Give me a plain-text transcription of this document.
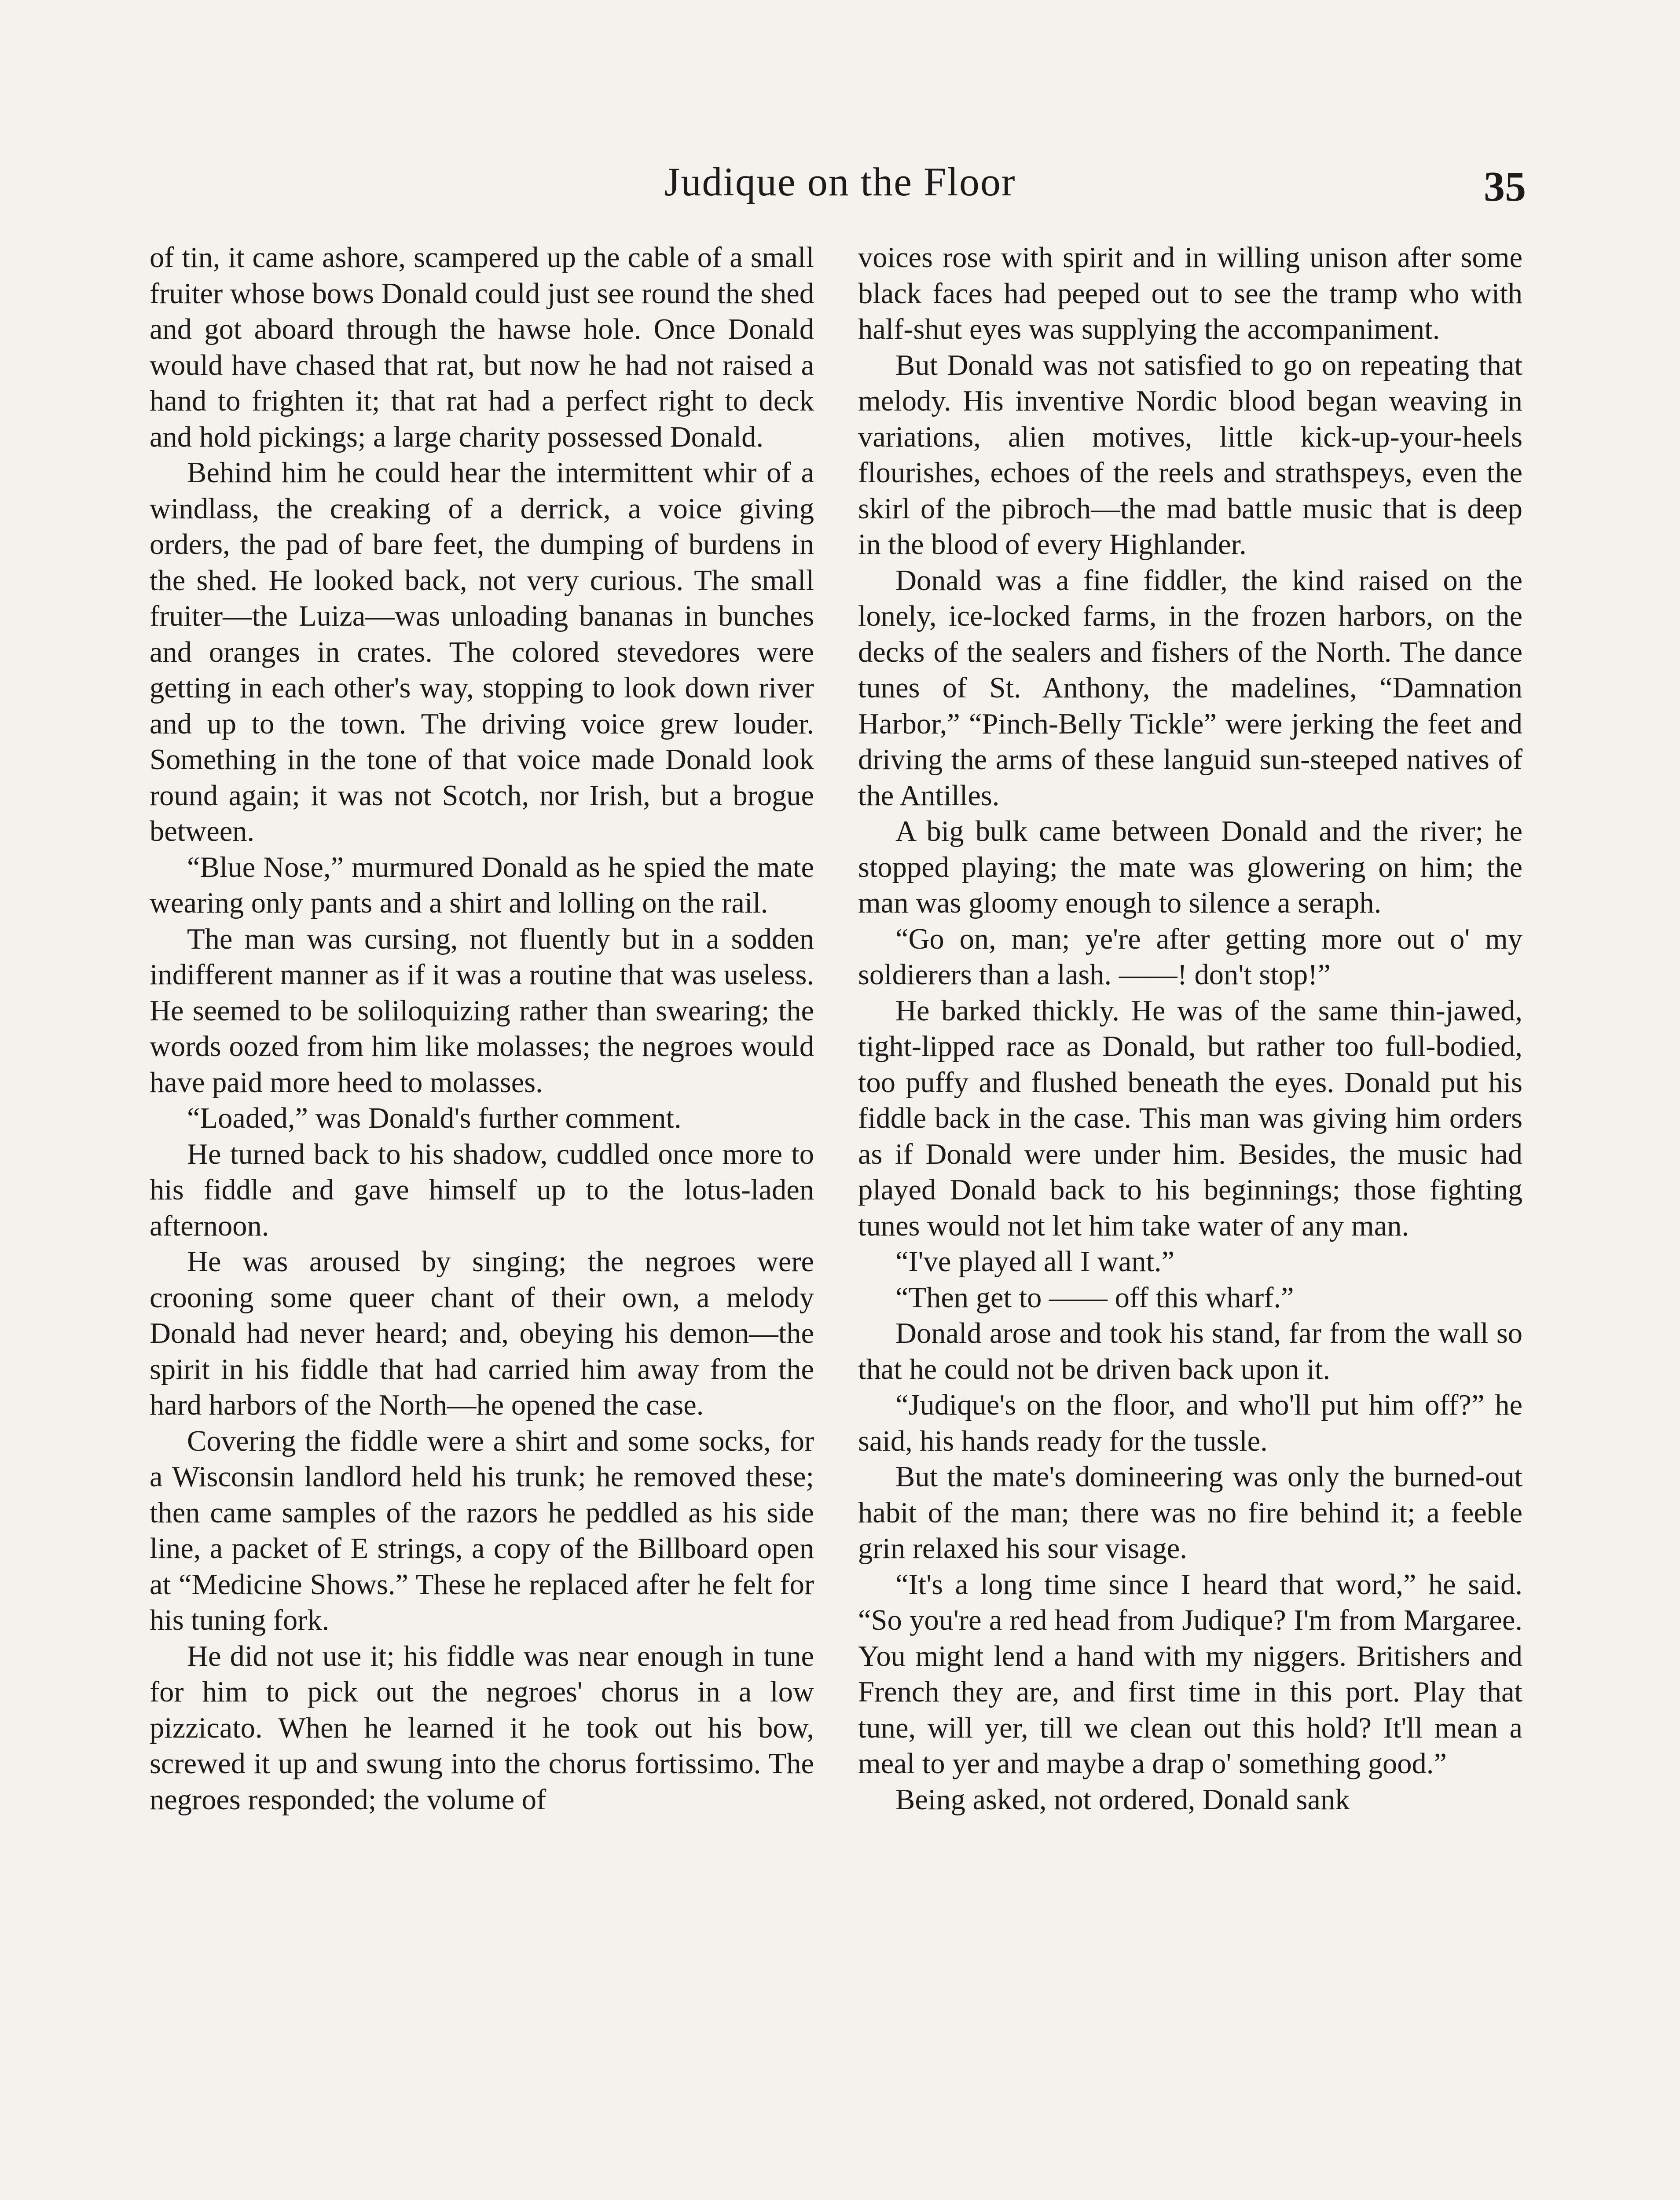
Judique on the Floor	35

of tin, it came ashore, scampered up the cable of a small fruiter whose bows Donald could just see round the shed and got aboard through the hawse hole. Once Donald would have chased that rat, but now he had not raised a hand to frighten it; that rat had a perfect right to deck and hold pickings; a large charity possessed Donald.

Behind him he could hear the intermittent whir of a windlass, the creaking of a derrick, a voice giving orders, the pad of bare feet, the dumping of burdens in the shed. He looked back, not very curious. The small fruiter—the Luiza—was unloading bananas in bunches and oranges in crates. The colored stevedores were getting in each other's way, stopping to look down river and up to the town. The driving voice grew louder. Something in the tone of that voice made Donald look round again; it was not Scotch, nor Irish, but a brogue between.

“Blue Nose,” murmured Donald as he spied the mate wearing only pants and a shirt and lolling on the rail.

The man was cursing, not fluently but in a sodden indifferent manner as if it was a routine that was useless. He seemed to be soliloquizing rather than swearing; the words oozed from him like molasses; the negroes would have paid more heed to molasses.

“Loaded,” was Donald's further comment.

He turned back to his shadow, cuddled once more to his fiddle and gave himself up to the lotus-laden afternoon.

He was aroused by singing; the negroes were crooning some queer chant of their own, a melody Donald had never heard; and, obeying his demon—the spirit in his fiddle that had carried him away from the hard harbors of the North—he opened the case.

Covering the fiddle were a shirt and some socks, for a Wisconsin landlord held his trunk; he removed these; then came samples of the razors he peddled as his side line, a packet of E strings, a copy of the Billboard open at “Medicine Shows.” These he replaced after he felt for his tuning fork.

He did not use it; his fiddle was near enough in tune for him to pick out the negroes' chorus in a low pizzicato. When he learned it he took out his bow, screwed it up and swung into the chorus fortissimo. The negroes responded; the volume of

voices rose with spirit and in willing unison after some black faces had peeped out to see the tramp who with half-shut eyes was supplying the accompaniment.

But Donald was not satisfied to go on repeating that melody. His inventive Nordic blood began weaving in variations, alien motives, little kick-up-your-heels flourishes, echoes of the reels and strathspeys, even the skirl of the pibroch—the mad battle music that is deep in the blood of every Highlander.

Donald was a fine fiddler, the kind raised on the lonely, ice-locked farms, in the frozen harbors, on the decks of the sealers and fishers of the North. The dance tunes of St. Anthony, the madelines, “Damnation Harbor,” “Pinch-Belly Tickle” were jerking the feet and driving the arms of these languid sun-steeped natives of the Antilles.

A big bulk came between Donald and the river; he stopped playing; the mate was glowering on him; the man was gloomy enough to silence a seraph.

“Go on, man; ye're after getting more out o' my soldierers than a lash. ——! don't stop!”

He barked thickly. He was of the same thin-jawed, tight-lipped race as Donald, but rather too full-bodied, too puffy and flushed beneath the eyes. Donald put his fiddle back in the case. This man was giving him orders as if Donald were under him. Besides, the music had played Donald back to his beginnings; those fighting tunes would not let him take water of any man.

“I've played all I want.”

“Then get to —— off this wharf.”

Donald arose and took his stand, far from the wall so that he could not be driven back upon it.

“Judique's on the floor, and who'll put him off?” he said, his hands ready for the tussle.

But the mate's domineering was only the burned-out habit of the man; there was no fire behind it; a feeble grin relaxed his sour visage.

“It's a long time since I heard that word,” he said. “So you're a red head from Judique? I'm from Margaree. You might lend a hand with my niggers. Britishers and French they are, and first time in this port. Play that tune, will yer, till we clean out this hold? It'll mean a meal to yer and maybe a drap o' something good.”

Being asked, not ordered, Donald sank
